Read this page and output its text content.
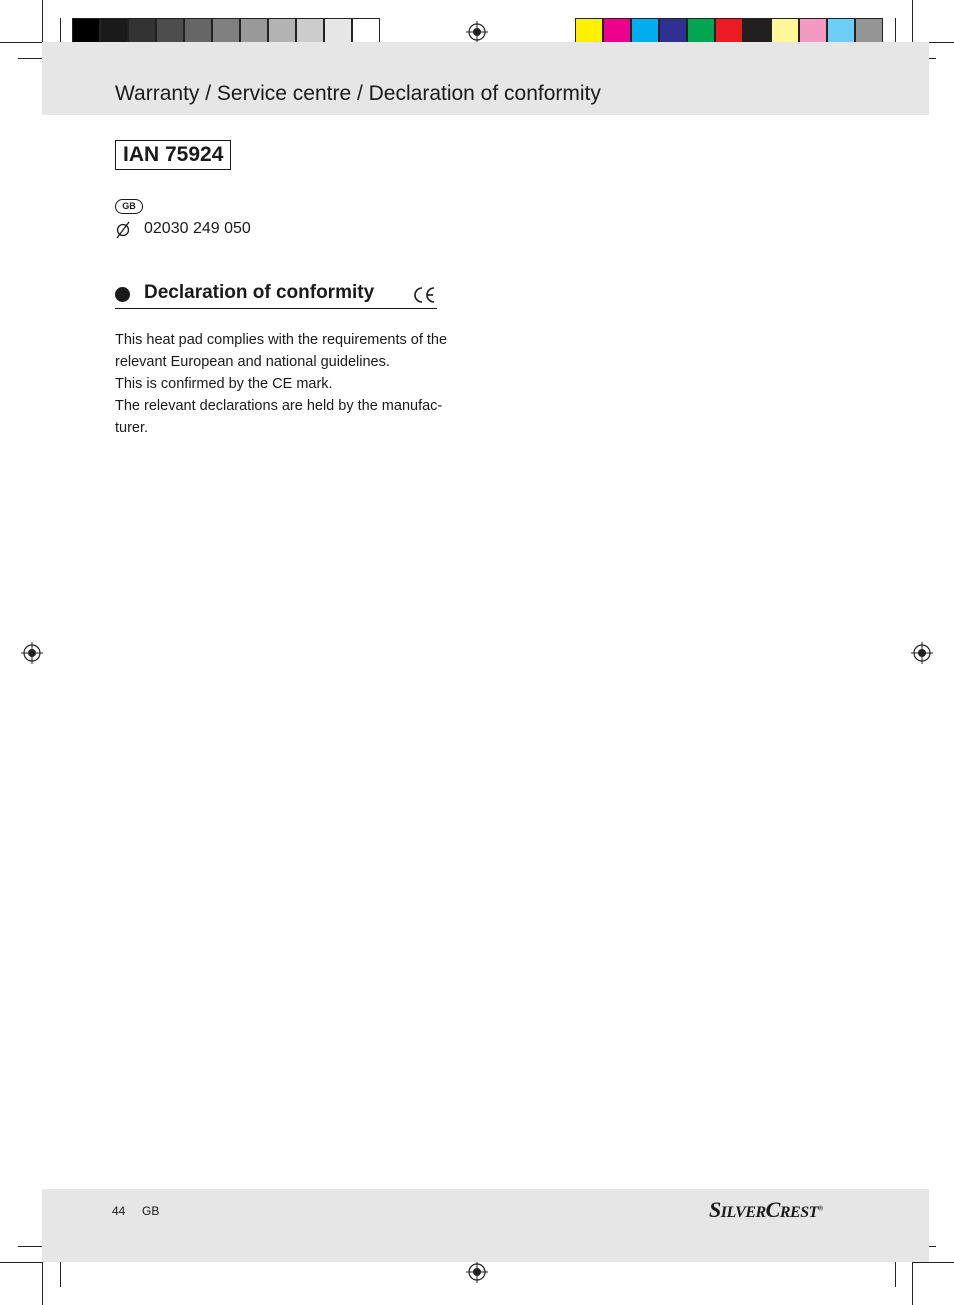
Warranty / Service centre / Declaration of conformity
IAN 75924
GB
02030 249 050
Declaration of conformity
This heat pad complies with the requirements of the
relevant European and national guidelines.
This is confirmed by the CE mark.
The relevant declarations are held by the manufac-
turer.
44 GB	SILVERCREST®
